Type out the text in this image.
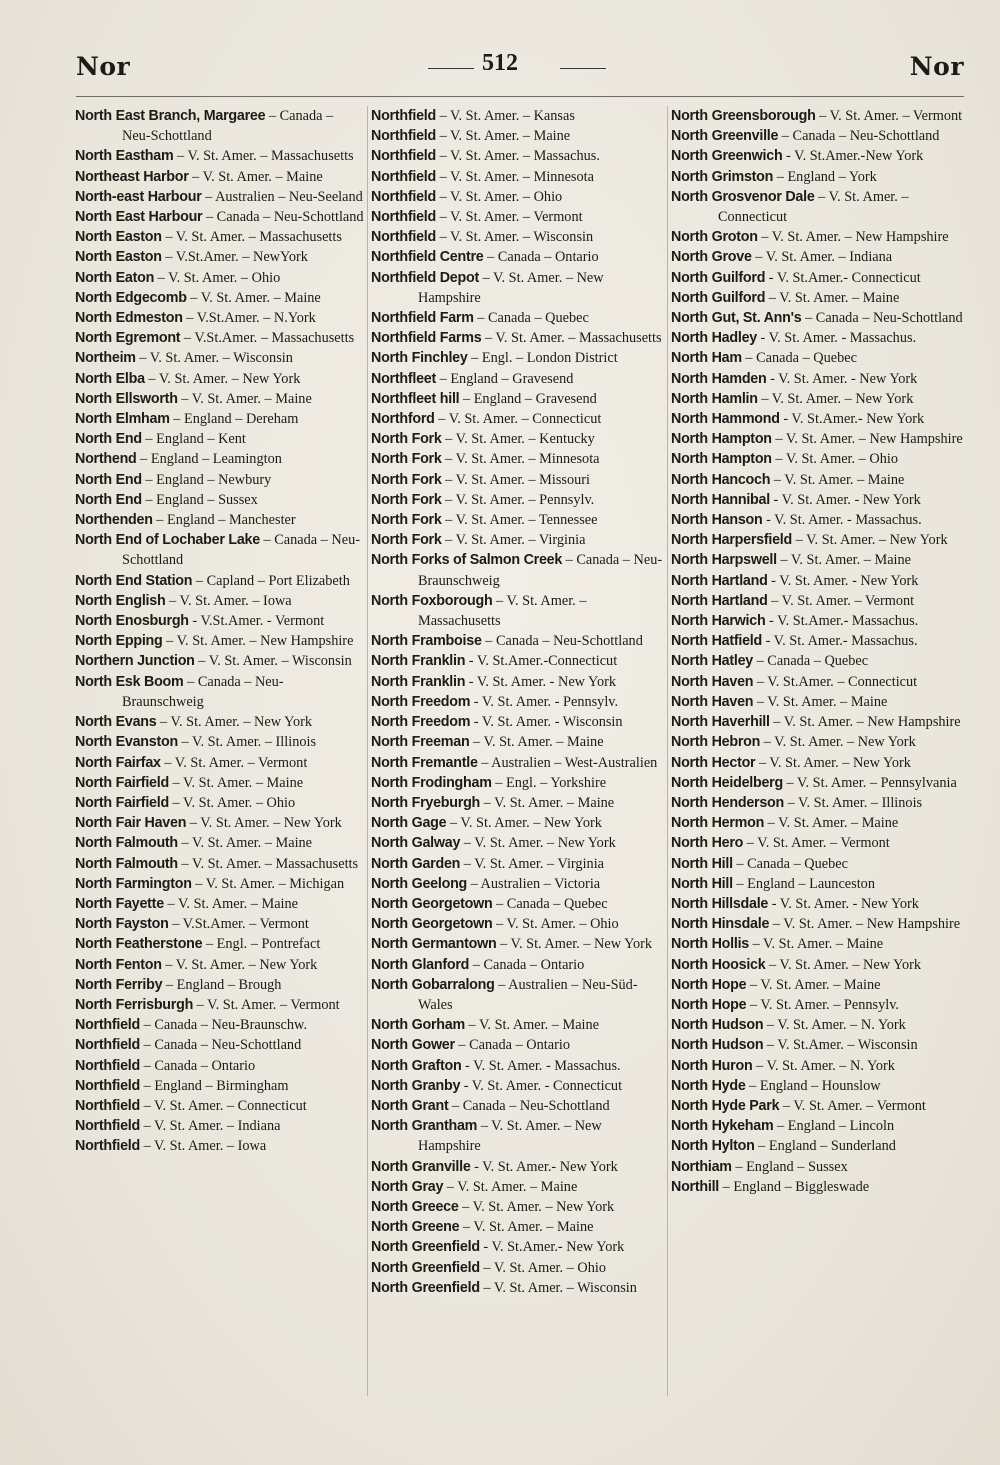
Nor	512	Nor
North East Branch, Margaree – Canada – Neu-Schottland
North Eastham – V. St. Amer. – Massachusetts
Northeast Harbor – V. St. Amer. – Maine
North-east Harbour – Australien – Neu-Seeland
North East Harbour – Canada – Neu-Schottland
North Easton – V. St. Amer. – Massachusetts
North Easton – V.St.Amer. – NewYork
North Eaton – V. St. Amer. – Ohio
North Edgecomb – V. St. Amer. – Maine
North Edmeston – V.St.Amer. – N.York
North Egremont – V.St.Amer. – Massachusetts
Northeim – V. St. Amer. – Wisconsin
North Elba – V. St. Amer. – New York
North Ellsworth – V. St. Amer. – Maine
North Elmham – England – Dereham
North End – England – Kent
Northend – England – Leamington
North End – England – Newbury
North End – England – Sussex
Northenden – England – Manchester
North End of Lochaber Lake – Canada – Neu-Schottland
North End Station – Capland – Port Elizabeth
North English – V. St. Amer. – Iowa
North Enosburgh - V.St.Amer. - Vermont
North Epping – V. St. Amer. – New Hampshire
Northern Junction – V. St. Amer. – Wisconsin
North Esk Boom – Canada – Neu-Braunschweig
North Evans – V. St. Amer. – New York
North Evanston – V. St. Amer. – Illinois
North Fairfax – V. St. Amer. – Vermont
North Fairfield – V. St. Amer. – Maine
North Fairfield – V. St. Amer. – Ohio
North Fair Haven – V. St. Amer. – New York
North Falmouth – V. St. Amer. – Maine
North Falmouth – V. St. Amer. – Massachusetts
North Farmington – V. St. Amer. – Michigan
North Fayette – V. St. Amer. – Maine
North Fayston – V.St.Amer. – Vermont
North Featherstone – Engl. – Pontrefact
North Fenton – V. St. Amer. – New York
North Ferriby – England – Brough
North Ferrisburgh – V. St. Amer. – Vermont
Northfield – Canada – Neu-Braunschw.
Northfield – Canada – Neu-Schottland
Northfield – Canada – Ontario
Northfield – England – Birmingham
Northfield – V. St. Amer. – Connecticut
Northfield – V. St. Amer. – Indiana
Northfield – V. St. Amer. – Iowa
Northfield – V. St. Amer. – Kansas
Northfield – V. St. Amer. – Maine
Northfield – V. St. Amer. – Massachus.
Northfield – V. St. Amer. – Minnesota
Northfield – V. St. Amer. – Ohio
Northfield – V. St. Amer. – Vermont
Northfield – V. St. Amer. – Wisconsin
Northfield Centre – Canada – Ontario
Northfield Depot – V. St. Amer. – New Hampshire
Northfield Farm – Canada – Quebec
Northfield Farms – V. St. Amer. – Massachusetts
North Finchley – Engl. – London District
Northfleet – England – Gravesend
Northfleet hill – England – Gravesend
Northford – V. St. Amer. – Connecticut
North Fork – V. St. Amer. – Kentucky
North Fork – V. St. Amer. – Minnesota
North Fork – V. St. Amer. – Missouri
North Fork – V. St. Amer. – Pennsylv.
North Fork – V. St. Amer. – Tennessee
North Fork – V. St. Amer. – Virginia
North Forks of Salmon Creek – Canada – Neu-Braunschweig
North Foxborough – V. St. Amer. – Massachusetts
North Framboise – Canada – Neu-Schottland
North Franklin - V. St.Amer.-Connecticut
North Franklin - V. St. Amer. - New York
North Freedom - V. St. Amer. - Pennsylv.
North Freedom - V. St. Amer. - Wisconsin
North Freeman – V. St. Amer. – Maine
North Fremantle – Australien – West-Australien
North Frodingham – Engl. – Yorkshire
North Fryeburgh – V. St. Amer. – Maine
North Gage – V. St. Amer. – New York
North Galway – V. St. Amer. – New York
North Garden – V. St. Amer. – Virginia
North Geelong – Australien – Victoria
North Georgetown – Canada – Quebec
North Georgetown – V. St. Amer. – Ohio
North Germantown – V. St. Amer. – New York
North Glanford – Canada – Ontario
North Gobarralong – Australien – Neu-Süd-Wales
North Gorham – V. St. Amer. – Maine
North Gower – Canada – Ontario
North Grafton - V. St. Amer. - Massachus.
North Granby - V. St. Amer. - Connecticut
North Grant – Canada – Neu-Schottland
North Grantham – V. St. Amer. – New Hampshire
North Granville - V. St. Amer.- New York
North Gray – V. St. Amer. – Maine
North Greece – V. St. Amer. – New York
North Greene – V. St. Amer. – Maine
North Greenfield - V. St.Amer.- New York
North Greenfield – V. St. Amer. – Ohio
North Greenfield – V. St. Amer. – Wisconsin
North Greensborough – V. St. Amer. – Vermont
North Greenville – Canada – Neu-Schottland
North Greenwich - V. St.Amer.-New York
North Grimston – England – York
North Grosvenor Dale – V. St. Amer. – Connecticut
North Groton – V. St. Amer. – New Hampshire
North Grove – V. St. Amer. – Indiana
North Guilford - V. St.Amer.- Connecticut
North Guilford – V. St. Amer. – Maine
North Gut, St. Ann's – Canada – Neu-Schottland
North Hadley - V. St. Amer. - Massachus.
North Ham – Canada – Quebec
North Hamden - V. St. Amer. - New York
North Hamlin – V. St. Amer. – New York
North Hammond - V. St.Amer.- New York
North Hampton – V. St. Amer. – New Hampshire
North Hampton – V. St. Amer. – Ohio
North Hancoch – V. St. Amer. – Maine
North Hannibal - V. St. Amer. - New York
North Hanson - V. St. Amer. - Massachus.
North Harpersfield – V. St. Amer. – New York
North Harpswell – V. St. Amer. – Maine
North Hartland - V. St. Amer. - New York
North Hartland – V. St. Amer. – Vermont
North Harwich - V. St.Amer.- Massachus.
North Hatfield - V. St. Amer.- Massachus.
North Hatley – Canada – Quebec
North Haven – V. St.Amer. – Connecticut
North Haven – V. St. Amer. – Maine
North Haverhill – V. St. Amer. – New Hampshire
North Hebron – V. St. Amer. – New York
North Hector – V. St. Amer. – New York
North Heidelberg – V. St. Amer. – Pennsylvania
North Henderson – V. St. Amer. – Illinois
North Hermon – V. St. Amer. – Maine
North Hero – V. St. Amer. – Vermont
North Hill – Canada – Quebec
North Hill – England – Launceston
North Hillsdale - V. St. Amer. - New York
North Hinsdale – V. St. Amer. – New Hampshire
North Hollis – V. St. Amer. – Maine
North Hoosick – V. St. Amer. – New York
North Hope – V. St. Amer. – Maine
North Hope – V. St. Amer. – Pennsylv.
North Hudson – V. St. Amer. – N. York
North Hudson – V. St.Amer. – Wisconsin
North Huron – V. St. Amer. – N. York
North Hyde – England – Hounslow
North Hyde Park – V. St. Amer. – Vermont
North Hykeham – England – Lincoln
North Hylton – England – Sunderland
Northiam – England – Sussex
Northill – England – Biggleswade
